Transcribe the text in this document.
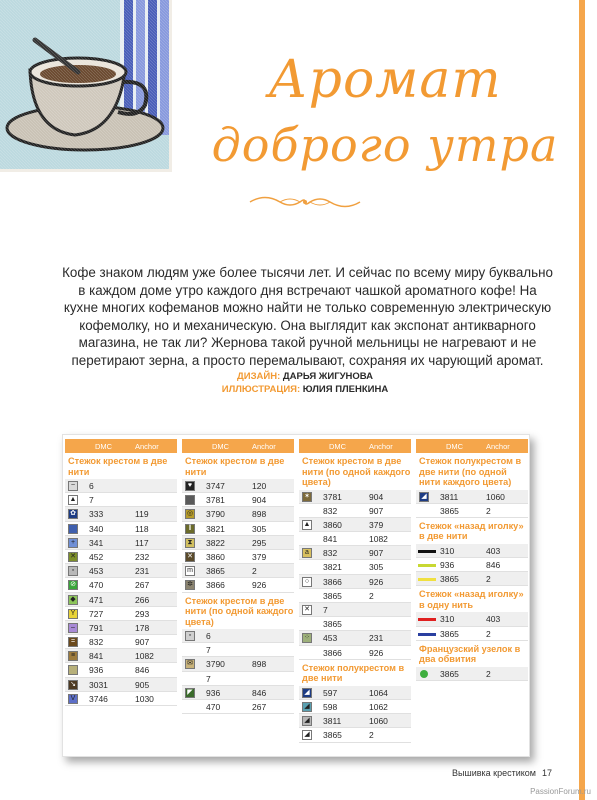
Аромат
доброго утра

Кофе знаком людям уже более тысячи лет. И сейчас по всему миру буквально в каждом доме утро каждого дня встречают чашкой ароматного кофе! На кухне многих кофеманов можно найти не только современную электрическую кофемолку, но и механическую. Она выглядит как экспонат антикварного магазина, не так ли? Жернова такой ручной мельницы не нагревают и не перетирают зерна, а просто перемалывают, сохраняя их чарующий аромат.

ДИЗАЙН: ДАРЬЯ ЖИГУНОВА
ИЛЛЮСТРАЦИЯ: ЮЛИЯ ПЛЕНКИНА
DMC	Anchor
Стежок крестом в две нити
~	6
▲ 7
✿ 333	119
340	118
+	341	117
✕ 452	232
▫	453	231
⊘ 470	267
◆ 471	266
Y	727	293
–	791	178
=	832	907
≡	841	1082
936	846
↘ 3031	905
V	3746	1030
DMC	Anchor
Стежок крестом в две нити
♥	3747	120
3781	904
◎ 3790	898
‖	3821	305
⧗ 3822	295
✕ 3860	379
m 3865	2
✲ 3866	926
Стежок крестом в две нити (по одной каждого цвета)
▫	6
7
✉ 3790	898
7
◤ 936	846
470	267
DMC	Anchor
Стежок крестом в две нити (по одной каждого цвета)
✶ 3781	904
832	907
▲ 3860	379
841	1082
a	832	907
3821	305
○	3866	926
3865	2
✕ 7
3865
⁘ 453	231
3866	926
Стежок полукрестом в две нити
◢ 597	1064
◢ 598	1062
◢ 3811	1060
◢ 3865	2
DMC	Anchor
Стежок полукрестом в две нити (по одной нити каждого цвета)
◢ 3811	1060
3865	2
Стежок «назад иголку» в две нити
310	403
936	846
3865	2
Стежок «назад иголку» в одну нить
310	403
3865	2
Французский узелок в два обвития
3865	2
Вышивка крестиком 17
PassionForum.ru
